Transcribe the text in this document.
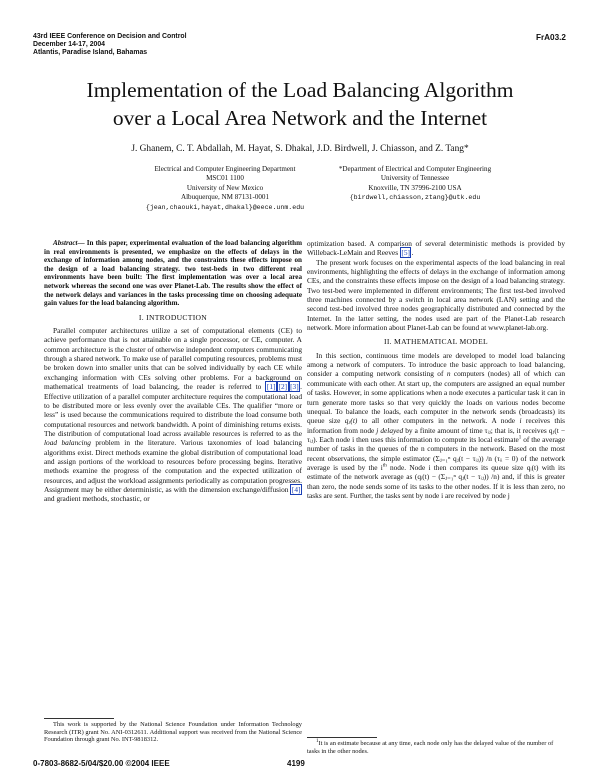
43rd IEEE Conference on Decision and Control
December 14-17, 2004
Atlantis, Paradise Island, Bahamas
FrA03.2
Implementation of the Load Balancing Algorithm
over a Local Area Network and the Internet
J. Ghanem, C. T. Abdallah, M. Hayat, S. Dhakal, J.D. Birdwell, J. Chiasson, and Z. Tang*
Electrical and Computer Engineering Department
MSC01 1100
University of New Mexico
Albuquerque, NM 87131-0001
{jean,chaouki,hayat,dhakal}@eece.unm.edu
*Department of Electrical and Computer Engineering
University of Tennessee
Knoxville, TN 37996-2100 USA
{birdwell,chiasson,ztang}@utk.edu

Abstract— In this paper, experimental evaluation of the load balancing algorithm in real environments is presented, we emphasize on the effects of delays in the exchange of information among nodes, and the constraints these effects impose on the design of a load balancing strategy. two test-beds in two different real environments have been built: The first implementation was over a local area network whereas the second one was over Planet-Lab. The results show the effect of the network delays and variances in the tasks processing time on choosing adequate gain values for the load balancing algorithm.

I. INTRODUCTION

Parallel computer architectures utilize a set of computational elements (CE) to achieve performance that is not attainable on a single processor, or CE, computer. A common architecture is the cluster of otherwise independent computers communicating through a shared network. To make use of parallel computing resources, problems must be broken down into smaller units that can be solved individually by each CE while exchanging information with CEs solving other problems. For a background on mathematical treatments of load balancing, the reader is referred to [1] [2] [3] . Effective utilization of a parallel computer architecture requires the computational load to be distributed more or less evenly over the available CEs. The qualifier “more or less” is used because the communications required to distribute the load consume both computational resources and network bandwidth. A point of diminishing returns exists. The distribution of computational load across available resources is referred to as the load balancing problem in the literature. Various taxonomies of load balancing algorithms exist. Direct methods examine the global distribution of computational load and assign portions of the workload to resources before processing begins. Iterative methods examine the progress of the computation and the expected utilization of resources, and adjust the workload assignments periodically as computation progresses. Assignment may be either deterministic, as with the dimension exchange/diffusion [4] and gradient methods, stochastic, or

optimization based. A comparison of several deterministic methods is provided by Willeback-LeMain and Reeves [5] .

The present work focuses on the experimental aspects of the load balancing in real environments, highlighting the effects of delays in the exchange of information among CEs, and the constraints these effects impose on the design of a load balancing strategy. Two test-bed were implemented in different environments; The first test-bed involved three machines connected by a switch in local area network (LAN) setting and the second test-bed involved three nodes geographically distributed and connected by the Internet. In the latter setting, the nodes used are part of the Planet-Lab research network. More information about Planet-Lab can be found at www.planet-lab.org.

II. MATHEMATICAL MODEL

In this section, continuous time models are developed to model load balancing among a network of computers. To introduce the basic approach to load balancing, consider a computing network consisting of n computers (nodes) all of which can communicate with each other. At start up, the computers are assigned an equal number of tasks. However, in some applications when a node executes a particular task it can in turn generate more tasks so that very quickly the loads on various nodes become unequal. To balance the loads, each computer in the network sends (broadcasts) its queue size qⱼ(t) to all other computers in the network. A node i receives this information from node j delayed by a finite amount of time τᵢⱼ; that is, it receives qⱼ(t − τᵢⱼ). Each node i then uses this information to compute its local estimate$^1$ of the average number of tasks in the queues of the n computers in the network. Based on the most recent observations, the simple estimator (Σⱼ₌₁ⁿ qⱼ(t − τᵢⱼ)) /n (τᵢᵢ = 0) of the network average is used by the $i^{th}$ node. Node i then compares its queue size qᵢ(t) with its estimate of the network average as (qᵢ(t) − (Σⱼ₌₁ⁿ qⱼ(t − τᵢⱼ)) /n) and, if this is greater than zero, the node sends some of its tasks to the other nodes. If it is less than zero, no tasks are sent. Further, the tasks sent by node i are received by node j

This work is supported by the National Science Foundation under Information Technology Research (ITR) grant No. ANI-0312611. Additional support was received from the National Science Foundation through grant No. INT-9818312.	$^1$It is an estimate because at any time, each node only has the delayed value of the number of tasks in the other nodes.
0-7803-8682-5/04/$20.00 ©2004 IEEE	4199
